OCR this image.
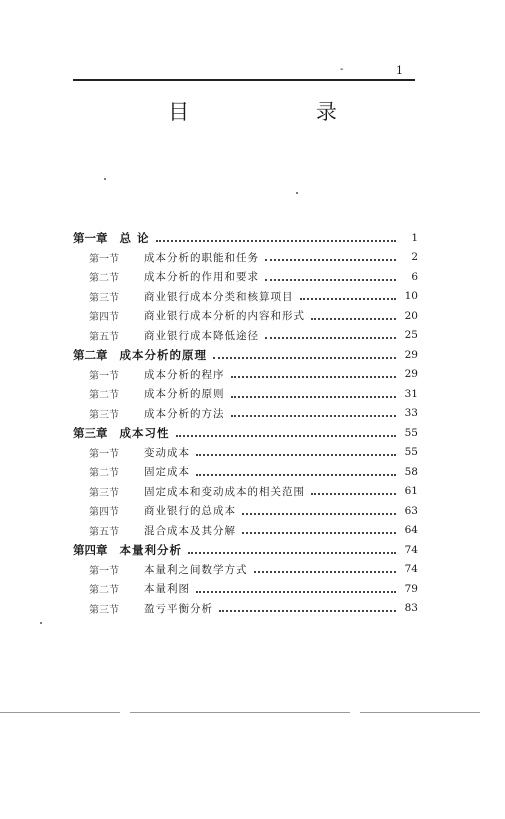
-	1
目 录
第一章 总 论	1
第一节	成本分析的职能和任务	2
第二节	成本分析的作用和要求	6
第三节	商业银行成本分类和核算项目	10
第四节	商业银行成本分析的内容和形式	20
第五节	商业银行成本降低途径	25
第二章 成本分析的原理	29
第一节	成本分析的程序	29
第二节	成本分析的原则	31
第三节	成本分析的方法	33
第三章 成本习性	55
第一节	变动成本	55
第二节	固定成本	58
第三节	固定成本和变动成本的相关范围	61
第四节	商业银行的总成本	63
第五节	混合成本及其分解	64
第四章 本量利分析	74
第一节	本量利之间数学方式	74
第二节	本量利图	79
第三节	盈亏平衡分析	83
